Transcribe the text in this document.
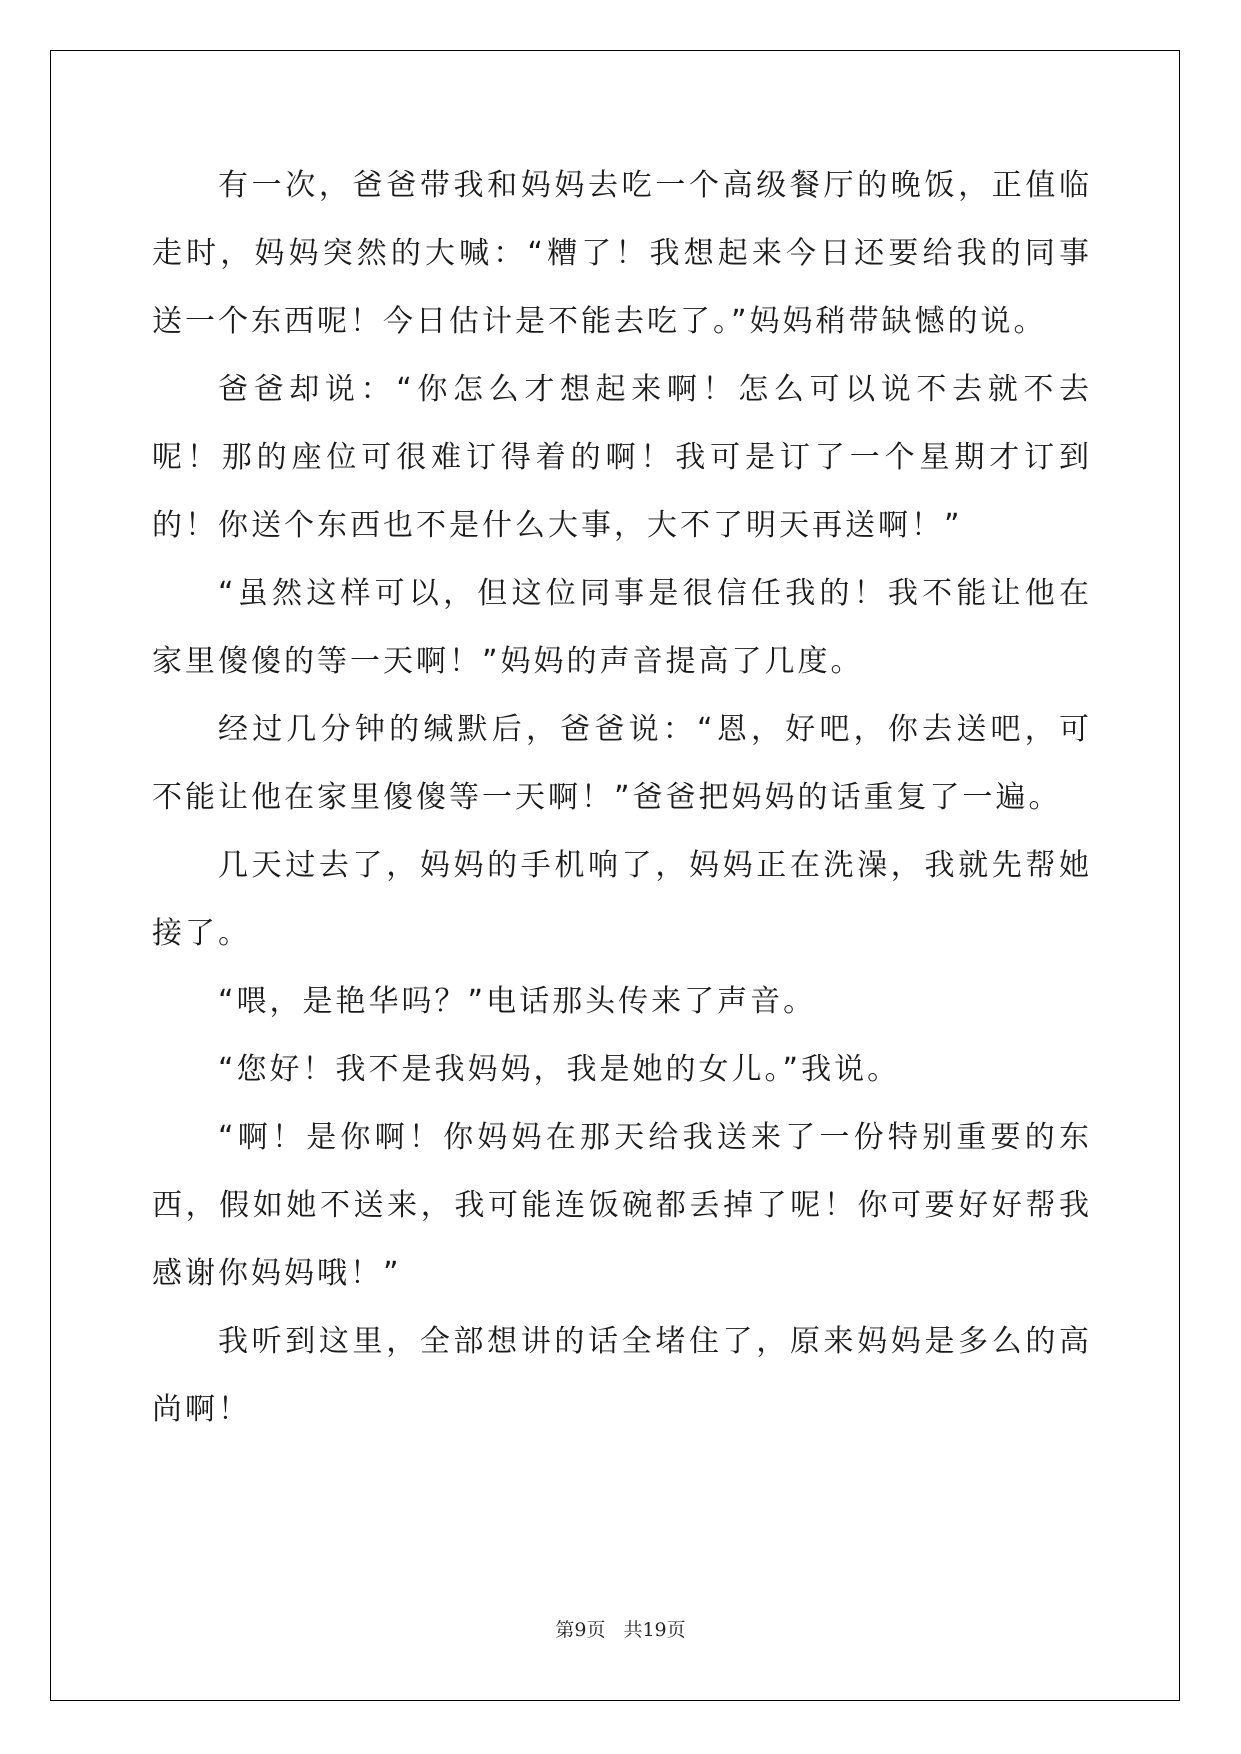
有一次，爸爸带我和妈妈去吃一个高级餐厅的晚饭，正值临走时，妈妈突然的大喊：“糟了！我想起来今日还要给我的同事送一个东西呢！今日估计是不能去吃了。”妈妈稍带缺憾的说。

爸爸却说：“你怎么才想起来啊！怎么可以说不去就不去呢！那的座位可很难订得着的啊！我可是订了一个星期才订到的！你送个东西也不是什么大事，大不了明天再送啊！”

“虽然这样可以，但这位同事是很信任我的！我不能让他在家里傻傻的等一天啊！”妈妈的声音提高了几度。

经过几分钟的缄默后，爸爸说：“恩，好吧，你去送吧，可不能让他在家里傻傻等一天啊！”爸爸把妈妈的话重复了一遍。

几天过去了，妈妈的手机响了，妈妈正在洗澡，我就先帮她接了。

“喂，是艳华吗？”电话那头传来了声音。

“您好！我不是我妈妈，我是她的女儿。”我说。

“啊！是你啊！你妈妈在那天给我送来了一份特别重要的东西，假如她不送来，我可能连饭碗都丢掉了呢！你可要好好帮我感谢你妈妈哦！”

我听到这里，全部想讲的话全堵住了，原来妈妈是多么的高尚啊！

第9页 共19页
